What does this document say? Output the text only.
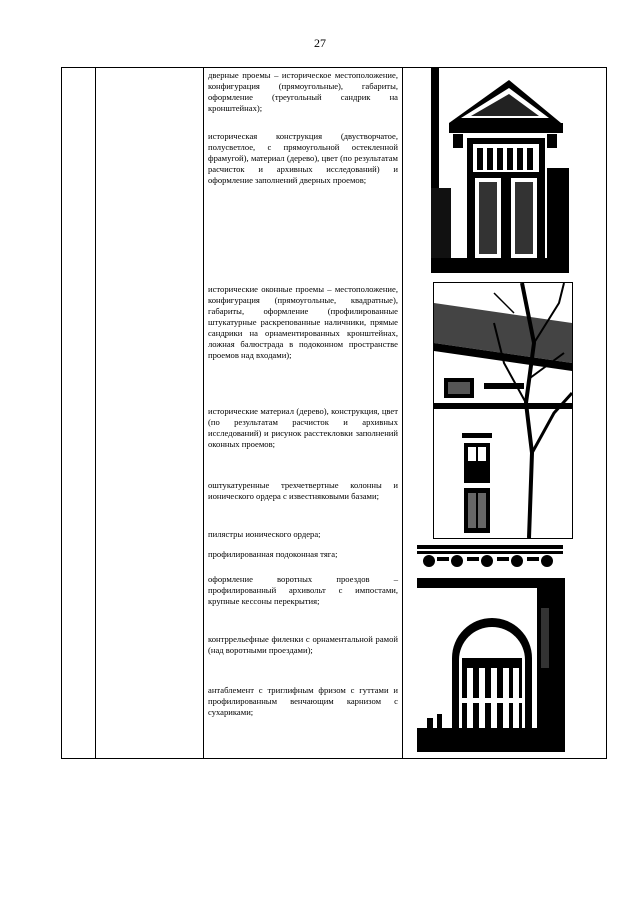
27

дверные проемы – историческое местоположение, конфигурация (прямоугольные), габариты, оформление (треугольный сандрик на кронштейнах);

историческая конструкция (двустворчатое, полусветлое, с прямоугольной остекленной фрамугой), материал (дерево), цвет (по результатам расчисток и архивных исследований) и оформление заполнений дверных проемов;

исторические оконные проемы – местоположение, конфигурация (прямоугольные, квадратные), габариты, оформление (профилированные штукатурные раскрепованные наличники, прямые сандрики на орнаментированных кронштейнах, ложная балюстрада в подоконном пространстве проемов над входами);

исторические материал (дерево), конструкция, цвет (по результатам расчисток и архивных исследований) и рисунок расстекловки заполнений оконных проемов;

оштукатуренные трехчетвертные колонны и ионического ордера с известняковыми базами;

пилястры ионического ордера;

профилированная подоконная тяга;

оформление воротных проездов – профилированный архивольт с импостами, крупные кессоны перекрытия;

контррельефные филенки с орнаментальной рамой (над воротными проездами);

антаблемент с триглифным фризом с гуттами и профилированным венчающим карнизом с сухариками;
